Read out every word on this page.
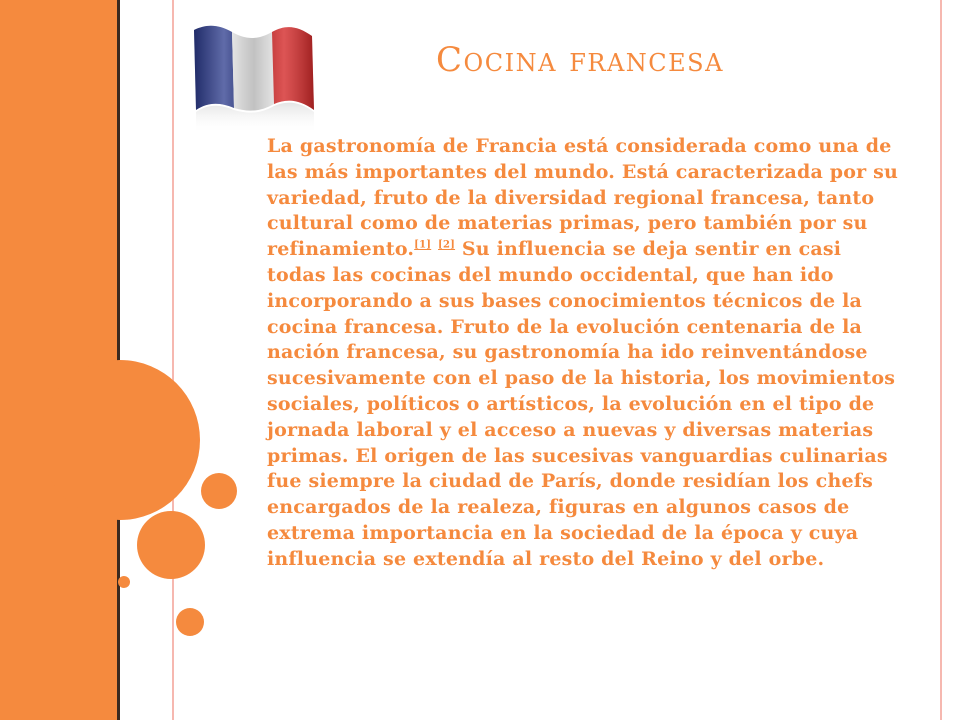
Cocina francesa

La gastronomía de Francia está considerada como una de las más importantes del mundo. Está caracterizada por su variedad, fruto de la diversidad regional francesa, tanto cultural como de materias primas, pero también por su refinamiento.[1] [2] Su influencia se deja sentir en casi todas las cocinas del mundo occidental, que han ido incorporando a sus bases conocimientos técnicos de la cocina francesa. Fruto de la evolución centenaria de la nación francesa, su gastronomía ha ido reinventándose sucesivamente con el paso de la historia, los movimientos sociales, políticos o artísticos, la evolución en el tipo de jornada laboral y el acceso a nuevas y diversas materias primas. El origen de las sucesivas vanguardias culinarias fue siempre la ciudad de París, donde residían los chefs encargados de la realeza, figuras en algunos casos de extrema importancia en la sociedad de la época y cuya influencia se extendía al resto del Reino y del orbe.
